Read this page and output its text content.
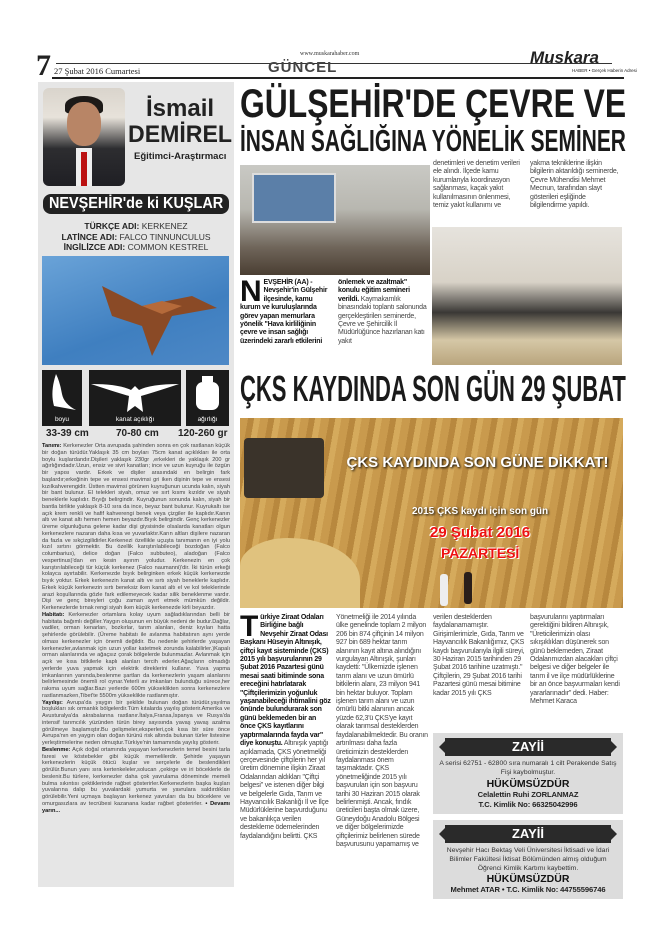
7 27 Şubat 2016 Cumartesi	GÜNCEL
www.muskarahaber.com	Muskara
HABER • Gerçek Haberin Adresi
İsmail
DEMİREL
Eğitimci-Araştırmacı
NEVŞEHİR'de ki KUŞLAR
TÜRKÇE ADI: KERKENEZ
LATİNCE ADI: FALCO TINNUNCULUS
İNGİLİZCE ADI: COMMON KESTREL
boyu	kanat açıklığı	ağırlığı
33-39 cm	70-80 cm 120-260 gr
Tanımı: Kerkenezler Orta avrupada şahinden sonra en çok rastlanan küçük bir doğan türüdür.Yaklaşık 35 cm boyları 75cm kanat açıklıkları ile orta boylu kuşlardandır.Dişileri yaklaşık 230gr ,erkekleri de yaklaşık 200 gr ağırlığındadır.Uzun, ensiz ve sivri kanatları; ince ve uzun kuyruğu ile özgün bir yapısı vardır. Erkek ve dişiler arasındaki en belirgin fark başlardır;erkeğinin tepe ve ensesi mavimsi gri iken dişinin tepe ve ensesi kızılkahverengidir. Üstten mavimsi görünen kuyruğunun ucunda kalın, siyah bir bant bulunur. El telekleri siyah, omuz ve sırt kısmı kızıldır ve siyah beneklerle kaplıdır. Bıyığı belirgindir. Kuyruğunun sonunda kalın, siyah bir bantla birlikte yaklaşık 8-10 sıra da ince, beyaz bant bulunur. Kuyrukaltı ise açık krem renkli ve hafif kahverengi benek veya çizgiler ile kaplıdır.Kanın altı ve kanat altı hemen hemen beyazdır.Bıyık belirgindir. Genç kerkenezler üreme olgunluğuna gelene kadar dişi giysisinde olsalarda kanatları olgun kerkenezlere nazaran daha kısa ve yuvarlaktır.Karın altları dişilere nazaran da fazla ve sıkçizgilidirler.Kerkenezi özellikle uçuşta tanımanın en iyi yolu kızıl sırtını görmektir. Bu özellik karıştırılabileceği bozdoğan (Falco columbarius), delice doğan (Falco subbuteo), aladoğan (Falco vespertinus)'dan en kesin ayırım yoludur. Kerkenezin en çok karıştırılabileceği tür küçük kerkenez (Falco naumanni)'dir. İki türün erkeği kolayca ayırtabilir. Kerkenezde bıyık belirginken erkek küçük kerkenezde bıyık yoktur. Erkek kerkenezin kanat altı ve sırtı siyah beneklerle kaplıdır. Erkek küçük kerkenezin sırtı beneksiz iken kanat altı el ve kol teleklerinde arazi koşullarında gözle fark edilemeyecek kadar silik beneklenme vardır. Dişi ve genç bireyleri çoğu zaman ayırt etmek mümkün değildir. Kerkenezlerde tırnak rengi siyah iken küçük kerkenezde kirli beyazdır.
Habitatı: Kerkenezler ortamlara kolay uyum sağladıklarından belli bir habitata bağımlı değiller.Yaygın oluşunun en büyük nedeni de budur.Dağlar, vadiler, orman kenarları, bozkırlar, tarım alanları, deniz kıyıları hatta şehirlerde görülebilir. (Üreme habitatı ile avlanma habitatının aynı yerde olması kerkenezler için önemli değildir. Bu nedenle şehirlerde yaşayan kerkenezler,avlanmak için uzun yollar katetmek zorunda kalabilirler.)Kapalı orman alanlarında ve ağaçsız çorak bölgelerde bulunmazlar. Avlanmak için açık ve kısa bitkilerle kaplı alanları tercih ederler.Ağaçların olmadığı yerlerde yuva yapmak için elektrik direklerini kullanır. Yuva yapma imkanlarının yanında,beslenme şartları da kerkenezlerin yaşam alanlarını belirlemesinde önemli rol oynar.Yeterli av imkanları bulunduğu sürece,her rakıma uyum sağlar.Bazı yerlerde 600m yükseklikten sonra kerkenezlere rastlanmazken,Tibet'te 5500m yükseklikte rastlanmıştır.
Yayılışı: Avrupa'da yaygın bir şekilde bulunan doğan türüdür.yayılma boşlukları sık ormanlık bölgelerdir.Tüm kıtalarda yayılış gösterir.Amerika ve Avusturalya'da akrabalarına rastlanır.İtalya,Fransa,İspanya ve Rusya'da intensif tarımcılık yüzünden türün birey sayısında yavaş yavaş azalma görülmeye başlamıştır.Bu gelişmeler,eksperleri,çok kısa bir süre önce Avrupa'nın en yaygın olan doğan türünü risk altında bulunan türler listesine yerleştirmelerine neden olmuştur.Türkiye'nin tamamında yayılış gösterir.
Beslenme: Açık doğal ortamında yaşayan kerkenezlerin temel besini tarla faresi ve köstebekler gibi küçük memelilerdir. Şehirde yaşayan kerkenezlerin küçük ötücü kuşlar ve serçelerle de beslendikleri görülür.Bunun yanı sıra kertenkeleler,solucan ,çekirge ve iri böceklerle de beslenir.Bu türlere, kerkenezler daha çok yavrulama döneminde memeli bulma sıkıntısı çektiklerinde rağbet gösterirler.Kerkenezlerin başka kuşları yuvalarına dalıp bu yuvalardaki yumurta ve yavrulara saldırdıkları görülebilir.Yeni uçmaya başlayan kerkenez yavruları da bu böceklere ve omurgasızlara av tecrübesi kazanana kadar rağbet gösterirler. • Devamı yarın...
GÜLŞEHİR'DE ÇEVRE VE
İNSAN SAĞLIĞINA YÖNELİK SEMİNER
denetimleri ve denetim verileri ele alındı. İlçede kamu kurumlarıyla koordinasyon sağlanması, kaçak yakıt kullanılmasının önlenmesi, temiz yakıt kullanımı ve
yakma tekniklerine ilişkin bilgilerin aktarıldığı seminerde, Çevre Mühendisi Mehmet Mecnun, tarafından slayt gösterileri eşliğinde bilgilendirme yapıldı.
NEVŞEHİR (AA) - Nevşehir'in Gülşehir ilçesinde, kamu kurum ve kuruluşlarında görev yapan memurlara yönelik "Hava kirliliğinin çevre ve insan sağlığı üzerindeki zararlı etkilerini önlemek ve azaltmak" konulu eğitim semineri verildi. Kaymakamlık binasındaki toplantı salonunda gerçekleştirilen seminerde, Çevre ve Şehircilik İl Müdürlüğünce hazırlanan katı yakıt
ÇKS KAYDINDA SON GÜN 29 ŞUBAT
ÇKS KAYDINDA SON GÜNE DİKKAT!
2015 ÇKS kaydı için son gün
29 Şubat 2016
PAZARTESİ
Türkiye Ziraat Odaları Birliğine bağlı Nevşehir Ziraat Odası Başkanı Hüseyin Altınışık, çiftçi kayıt sisteminde (ÇKS) 2015 yılı başvurularının 29 Şubat 2016 Pazartesi günü mesai saati bitiminde sona ereceğini hatırlatarak "Çiftçilerimizin yoğunluk yaşanabileceği ihtimalini göz önünde bulundurarak son günü beklemeden bir an önce ÇKS kayıtlarını yaptırmalarında fayda var" diye konuştu. Altınışık yaptığı açıklamada, ÇKS yönetmeliği çerçevesinde çiftçilerin her yıl üretim dönemine ilişkin Ziraat Odalarından aldıkları "Çiftçi belgesi" ve istenen diğer bilgi ve belgelerle Gıda, Tarım ve Hayvancılık Bakanlığı İl ve İlçe Müdürlüklerine başvurduğunu ve bakanlıkça verilen destekleme ödemelerinden faydalandığını belirtti. ÇKS
Yönetmeliği ile 2014 yılında ülke genelinde toplam 2 milyon 206 bin 874 çiftçinin 14 milyon 927 bin 689 hektar tarım alanının kayıt altına alındığını vurgulayan Altınışık, şunları kaydetti: "Ülkemizde işlenen tarım alanı ve uzun ömürlü bitkilerin alanı, 23 milyon 941 bin hektar buluyor. Toplam işlenen tarım alanı ve uzun ömürlü bitki alanının ancak yüzde 62,3'ü ÇKS'ye kayıt olarak tarımsal desteklerden faydalanabilmektedir. Bu oranın artırılması daha fazla üreticimizin desteklerden faydalanması önem taşımaktadır. ÇKS yönetmeliğinde 2015 yılı başvuruları için son başvuru tarihi 30 Haziran 2015 olarak belirlenmişti. Ancak, fındık üreticileri başta olmak üzere, Güneydoğu Anadolu Bölgesi ve diğer bölgelerimizde çiftçilerimiz belirlenen sürede başvurusunu yapamamış ve
verilen desteklerden faydalanamamıştır. Girişimlerimizle, Gıda, Tarım ve Hayvancılık Bakanlığımız, ÇKS kaydı başvurularıyla ilgili süreyi, 30 Haziran 2015 tarihinden 29 Şubat 2016 tarihine uzatmıştı." Çiftçilerin, 29 Şubat 2016 tarihi Pazartesi günü mesai bitimine kadar 2015 yılı ÇKS
başvurularını yaptırmaları gerektiğini bildiren Altınışık, "Üreticilerimizin olası sıkışıklıkları düşünerek son günü beklemeden, Ziraat Odalarımızdan alacakları çiftçi belgesi ve diğer belgeler ile tarım il ve ilçe müdürlüklerine bir an önce başvurmaları kendi yararlarınadır" dedi. Haber: Mehmet Karaca
ZAYİİ
A serisi 62751 - 62800 sıra numaralı 1 cilt Perakende Satış Fişi kaybolmuştur.
HÜKÜMSÜZDÜR
Celalettin Ruhi ZORLANMAZ
T.C. Kimlik No: 66325042996
ZAYİİ
Nevşehir Hacı Bektaş Veli Üniversitesi İktisadi ve İdari Bilimler Fakültesi İktisat Bölümünden almış olduğum Öğrenci Kimlik Kartımı kaybettim.
HÜKÜMSÜZDÜR
Mehmet ATAR • T.C. Kimlik No: 44755596746
